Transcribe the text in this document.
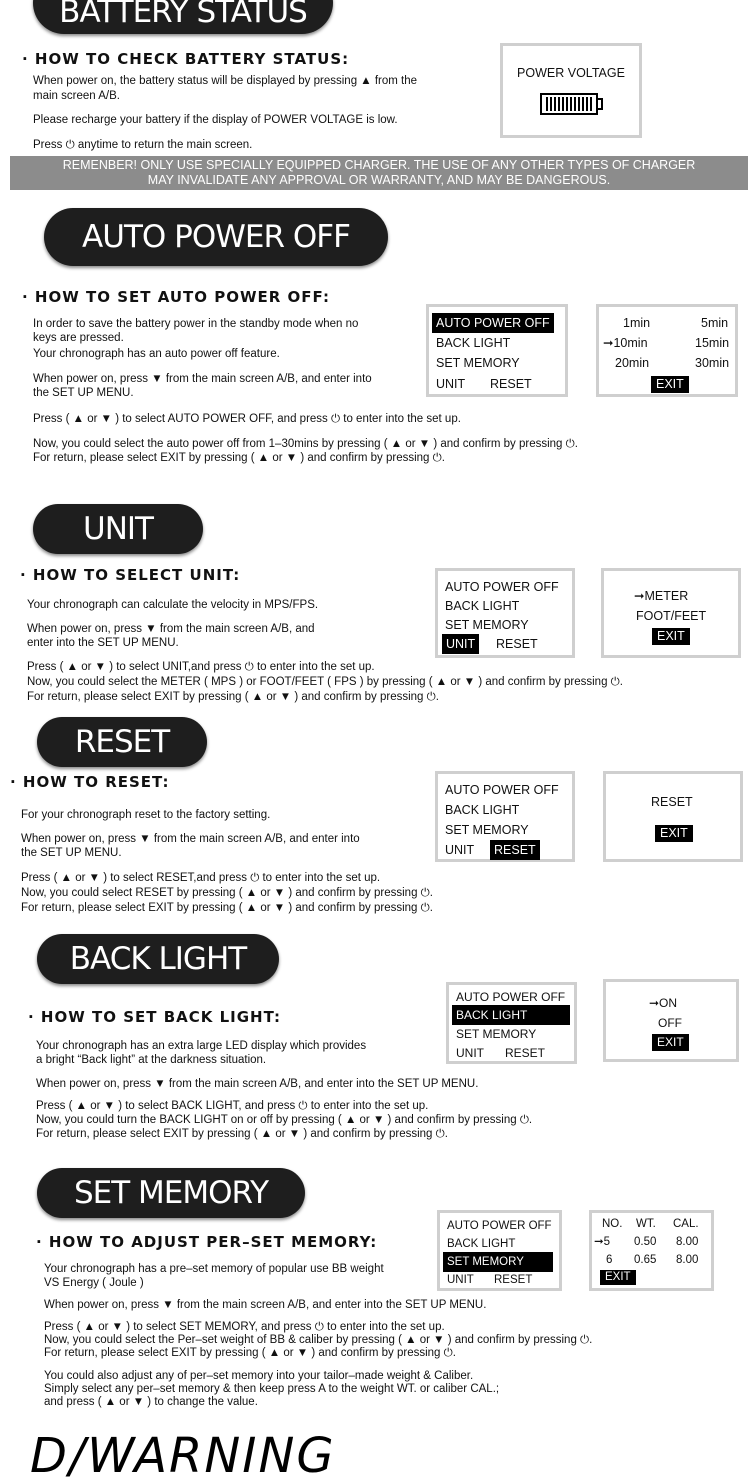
BATTERY STATUS
· HOW TO CHECK BATTERY STATUS:
When power on, the battery status will be displayed by pressing ▲ from the
main screen A/B.
Please recharge your battery if the display of POWER VOLTAGE is low.
Press ⏻ anytime to return the main screen.
POWER VOLTAGE
REMENBER! ONLY USE SPECIALLY EQUIPPED CHARGER. THE USE OF ANY OTHER TYPES OF CHARGER
MAY INVALIDATE ANY APPROVAL OR WARRANTY, AND MAY BE DANGEROUS.
AUTO POWER OFF
· HOW TO SET AUTO POWER OFF:
In order to save the battery power in the standby mode when no
keys are pressed.
Your chronograph has an auto power off feature.
When power on, press ▼ from the main screen A/B, and enter into
the SET UP MENU.
Press ( ▲ or ▼ ) to select AUTO POWER OFF, and press ⏻ to enter into the set up.
Now, you could select the auto power off from 1–30mins by pressing ( ▲ or ▼ ) and confirm by pressing ⏻.
For return, please select EXIT by pressing ( ▲ or ▼ ) and confirm by pressing ⏻.
AUTO POWER OFF
BACK LIGHT
SET MEMORY
UNIT RESET
1min	5min
➞10min	15min
20min	30min
EXIT
UNIT
· HOW TO SELECT UNIT:
Your chronograph can calculate the velocity in MPS/FPS.
When power on, press ▼ from the main screen A/B, and
enter into the SET UP MENU.
Press ( ▲ or ▼ ) to select UNIT,and press ⏻ to enter into the set up.
Now, you could select the METER ( MPS ) or FOOT/FEET ( FPS ) by pressing ( ▲ or ▼ ) and confirm by pressing ⏻.
For return, please select EXIT by pressing ( ▲ or ▼ ) and confirm by pressing ⏻.
AUTO POWER OFF
BACK LIGHT
SET MEMORY
UNIT	RESET
➞METER
FOOT/FEET
EXIT
RESET
· HOW TO RESET:
For your chronograph reset to the factory setting.
When power on, press ▼ from the main screen A/B, and enter into
the SET UP MENU.
Press ( ▲ or ▼ ) to select RESET,and press ⏻ to enter into the set up.
Now, you could select RESET by pressing ( ▲ or ▼ ) and confirm by pressing ⏻.
For return, please select EXIT by pressing ( ▲ or ▼ ) and confirm by pressing ⏻.
AUTO POWER OFF
BACK LIGHT
SET MEMORY
UNIT	RESET
RESET
EXIT
BACK LIGHT
· HOW TO SET BACK LIGHT:
Your chronograph has an extra large LED display which provides
a bright “Back light” at the darkness situation.
When power on, press ▼ from the main screen A/B, and enter into the SET UP MENU.
Press ( ▲ or ▼ ) to select BACK LIGHT, and press ⏻ to enter into the set up.
Now, you could turn the BACK LIGHT on or off by pressing ( ▲ or ▼ ) and confirm by pressing ⏻.
For return, please select EXIT by pressing ( ▲ or ▼ ) and confirm by pressing ⏻.
AUTO POWER OFF
BACK LIGHT
SET MEMORY
UNIT RESET
➞ON
OFF
EXIT
SET MEMORY
· HOW TO ADJUST PER–SET MEMORY:
Your chronograph has a pre–set memory of popular use BB weight
VS Energy ( Joule )
When power on, press ▼ from the main screen A/B, and enter into the SET UP MENU.
Press ( ▲ or ▼ ) to select SET MEMORY, and press ⏻ to enter into the set up.
Now, you could select the Per–set weight of BB & caliber by pressing ( ▲ or ▼ ) and confirm by pressing ⏻.
For return, please select EXIT by pressing ( ▲ or ▼ ) and confirm by pressing ⏻.
You could also adjust any of per–set memory into your tailor–made weight & Caliber.
Simply select any per–set memory & then keep press A to the weight WT. or caliber CAL.;
and press ( ▲ or ▼ ) to change the value.
AUTO POWER OFF
BACK LIGHT
SET MEMORY
UNIT RESET
NO. WT. CAL.
➞5 0.50 8.00
6 0.65 8.00
EXIT
D/WARNING
